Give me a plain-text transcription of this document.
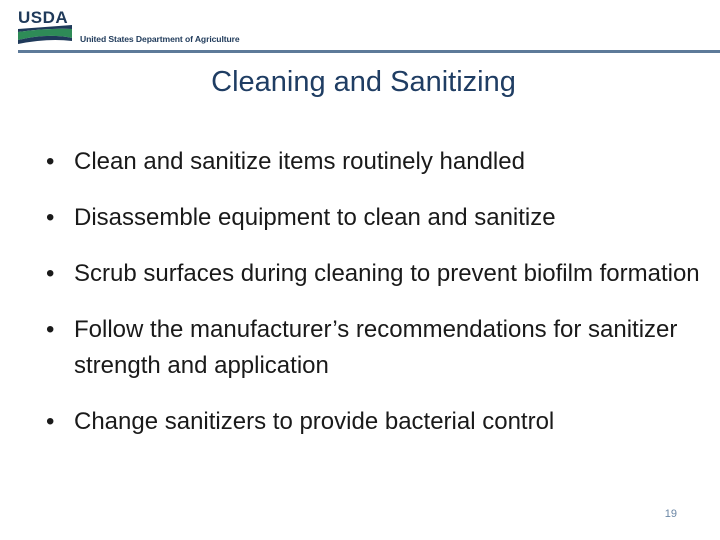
USDA
United States Department of Agriculture
Cleaning and Sanitizing
• Clean and sanitize items routinely handled
• Disassemble equipment to clean and sanitize
• Scrub surfaces during cleaning to prevent biofilm formation
• Follow the manufacturer’s recommendations for sanitizer strength and application
• Change sanitizers to provide bacterial control
19
